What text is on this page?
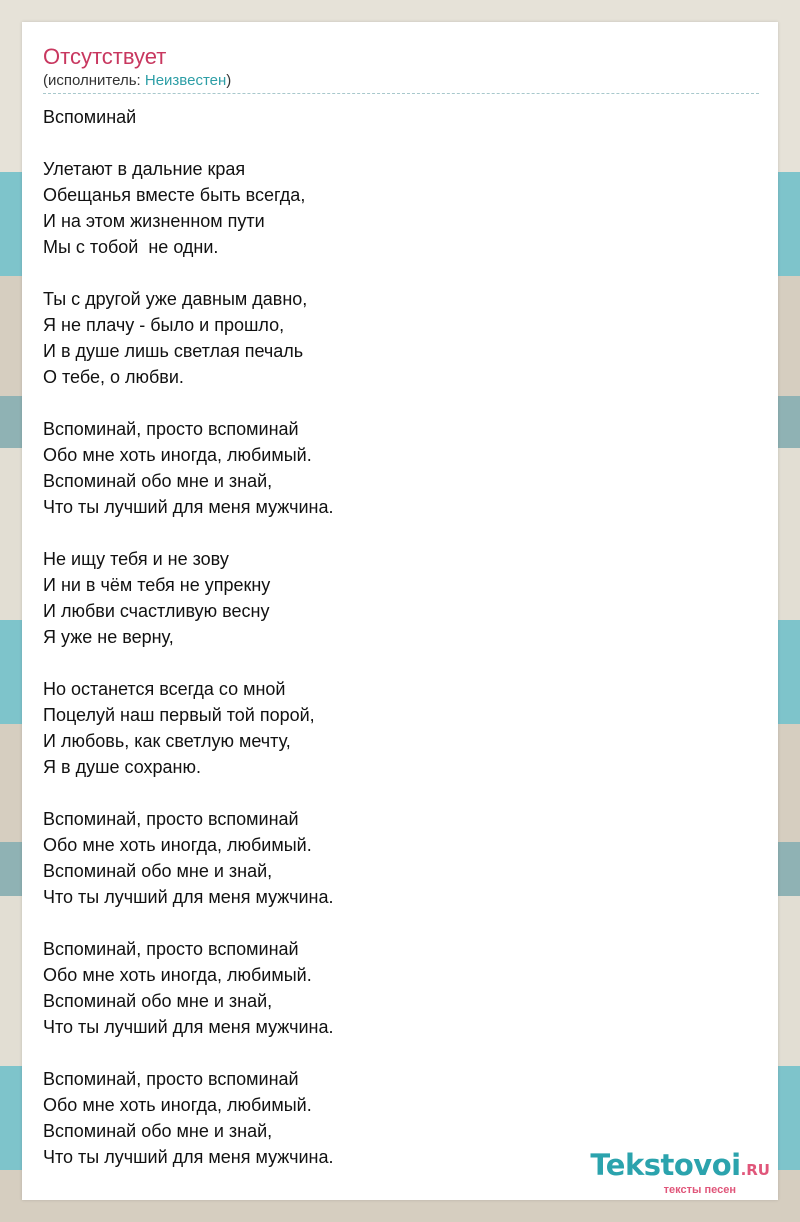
Отсутствует
(исполнитель: Неизвестен)
Вспоминай
Улетают в дальние края
Обещанья вместе быть всегда,
И на этом жизненном пути
Мы с тобой  не одни.
Ты с другой уже давным давно,
Я не плачу - было и прошло,
И в душе лишь светлая печаль
О тебе, о любви.
Вспоминай, просто вспоминай
Обо мне хоть иногда, любимый.
Вспоминай обо мне и знай,
Что ты лучший для меня мужчина.
Не ищу тебя и не зову
И ни в чём тебя не упрекну
И любви счастливую весну
Я уже не верну,
Но останется всегда со мной
Поцелуй наш первый той порой,
И любовь, как светлую мечту,
Я в душе сохраню.
Вспоминай, просто вспоминай
Обо мне хоть иногда, любимый.
Вспоминай обо мне и знай,
Что ты лучший для меня мужчина.
Вспоминай, просто вспоминай
Обо мне хоть иногда, любимый.
Вспоминай обо мне и знай,
Что ты лучший для меня мужчина.
Вспоминай, просто вспоминай
Обо мне хоть иногда, любимый.
Вспоминай обо мне и знай,
Что ты лучший для меня мужчина.	Tekstovoi.RU
тексты песен
